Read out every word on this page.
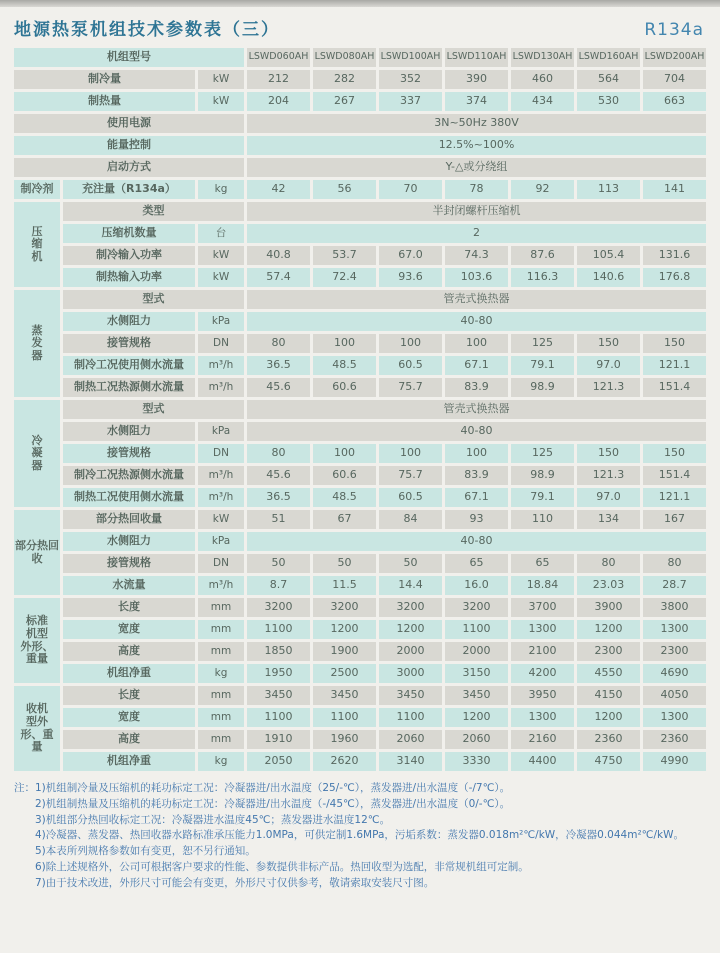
地源热泵机组技术参数表（三）	R134a
机组型号	LSWD060AH LSWD080AH LSWD100AH LSWD110AH LSWD130AH LSWD160AH LSWD200AH
制冷量	kW	212	282	352	390	460	564	704
制热量	kW	204	267	337	374	434	530	663
使用电源	3N~50Hz 380V
能量控制	12.5%~100%
启动方式	Y-△或分绕组
制冷剂	充注量（R134a）	kg	42	56	70	78	92	113	141
压
缩
机
类型	半封闭螺杆压缩机
压缩机数量	台	2
制冷输入功率	kW	40.8	53.7	67.0	74.3	87.6	105.4	131.6
制热输入功率	kW	57.4	72.4	93.6	103.6	116.3	140.6	176.8
蒸
发
器
型式	管壳式换热器
水侧阻力	kPa	40-80
接管规格	DN	80	100	100	100	125	150	150
制冷工况使用侧水流量	m³/h	36.5	48.5	60.5	67.1	79.1	97.0	121.1
制热工况热源侧水流量	m³/h	45.6	60.6	75.7	83.9	98.9	121.3	151.4
冷
凝
器
型式	管壳式换热器
水侧阻力	kPa	40-80
接管规格	DN	80	100	100	100	125	150	150
制冷工况热源侧水流量	m³/h	45.6	60.6	75.7	83.9	98.9	121.3	151.4
制热工况使用侧水流量	m³/h	36.5	48.5	60.5	67.1	79.1	97.0	121.1
部分热回
收
部分热回收量	kW	51	67	84	93	110	134	167
水侧阻力	kPa	40-80
接管规格	DN	50	50	50	65	65	80	80
水流量	m³/h	8.7	11.5	14.4	16.0	18.84	23.03	28.7
标准
机型
外形、
重量
长度	mm	3200	3200	3200	3200	3700	3900	3800
宽度	mm	1100	1200	1200	1100	1300	1200	1300
高度	mm	1850	1900	2000	2000	2100	2300	2300
机组净重	kg	1950	2500	3000	3150	4200	4550	4690
收机
型外
形、重
量
长度	mm	3450	3450	3450	3450	3950	4150	4050
宽度	mm	1100	1100	1100	1200	1300	1200	1300
高度	mm	1910	1960	2060	2060	2160	2360	2360
机组净重	kg	2050	2620	3140	3330	4400	4750	4990
注： 1)机组制冷量及压缩机的耗功标定工况：冷凝器进/出水温度（25/-℃），蒸发器进/出水温度（-/7℃）。
2)机组制热量及压缩机的耗功标定工况：冷凝器进/出水温度（-/45℃），蒸发器进/出水温度（0/-℃）。
3)机组部分热回收标定工况：冷凝器进水温度45℃；蒸发器进水温度12℃。
4)冷凝器、蒸发器、热回收器水路标准承压能力1.0MPa，可供定制1.6MPa，污垢系数：蒸发器0.018m²℃/kW，冷凝器0.044m²℃/kW。
5)本表所列规格参数如有变更，恕不另行通知。
6)除上述规格外，公司可根据客户要求的性能、参数提供非标产品。热回收型为选配，非常规机组可定制。
7)由于技术改进，外形尺寸可能会有变更，外形尺寸仅供参考，敬请索取安装尺寸图。
